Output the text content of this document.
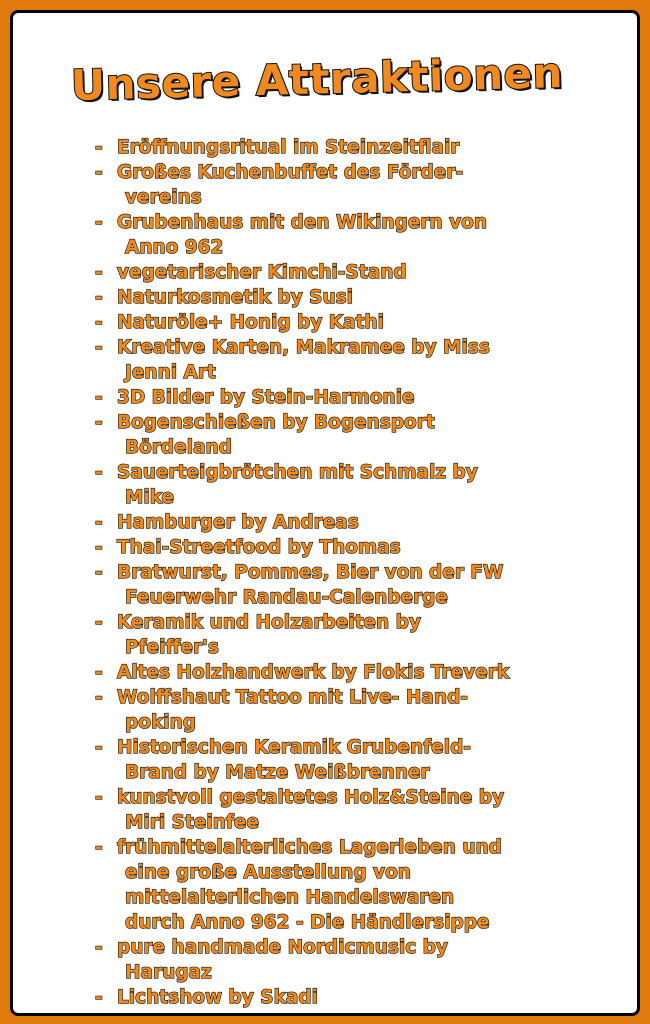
Unsere Attraktionen
- Eröffnungsritual im Steinzeitflair
- Großes Kuchenbuffet des Förder-
vereins
- Grubenhaus mit den Wikingern von
Anno 962
- vegetarischer Kimchi-Stand
- Naturkosmetik by Susi
- Naturöle+ Honig by Kathi
- Kreative Karten, Makramee by Miss
Jenni Art
- 3D Bilder by Stein-Harmonie
- Bogenschießen by Bogensport
Bördeland
- Sauerteigbrötchen mit Schmalz by
Mike
- Hamburger by Andreas
- Thai-Streetfood by Thomas
- Bratwurst, Pommes, Bier von der FW
Feuerwehr Randau-Calenberge
- Keramik und Holzarbeiten by
Pfeiffer's
- Altes Holzhandwerk by Flokis Treverk
- Wolffshaut Tattoo mit Live- Hand-
poking
- Historischen Keramik Grubenfeld-
Brand by Matze Weißbrenner
- kunstvoll gestaltetes Holz&Steine by
Miri Steinfee
- frühmittelalterliches Lagerleben und
eine große Ausstellung von
mittelalterlichen Handelswaren
durch Anno 962 - Die Händlersippe
- pure handmade Nordicmusic by
Harugaz
- Lichtshow by Skadi
